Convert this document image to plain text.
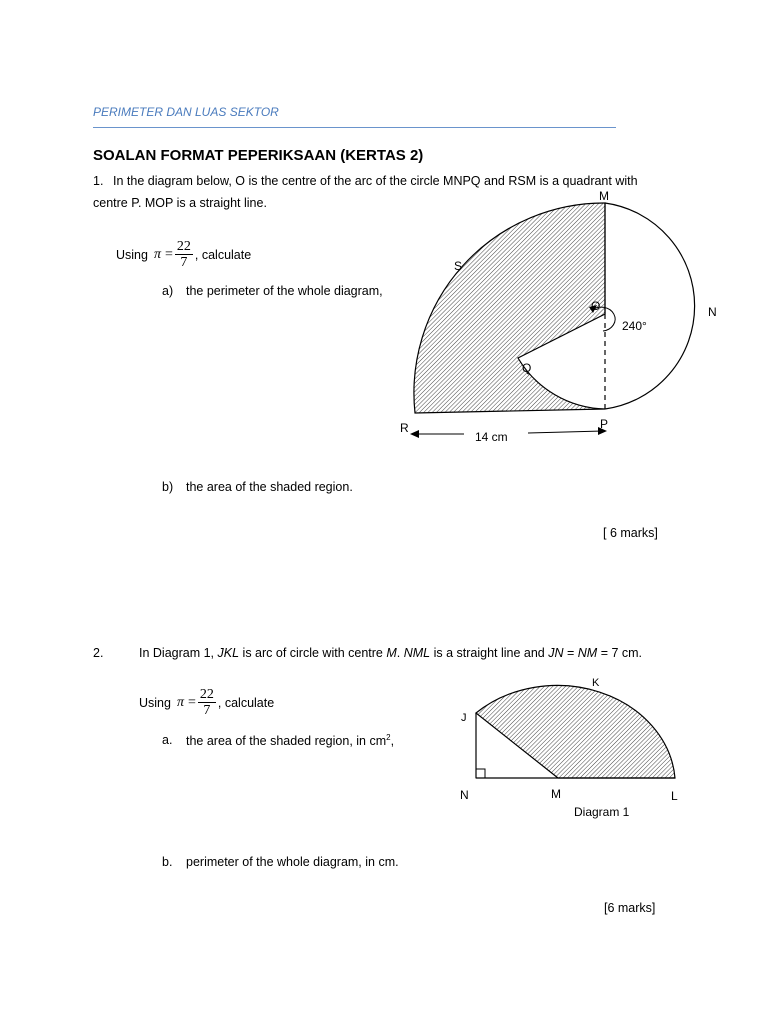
PERIMETER DAN LUAS SEKTOR
SOALAN FORMAT PEPERIKSAAN (KERTAS 2)
1. In the diagram below, O is the centre of the arc of the circle MNPQ and RSM is a quadrant with
centre P. MOP is a straight line.
Using $\pi = \frac{22}{7}$ , calculate
a) the perimeter of the whole diagram,
b) the area of the shaded region.
[ 6 marks]
M
S
N
O
Q
R	P
240°
14 cm
2.	In Diagram 1, JKL is arc of circle with centre M. NML is a straight line and JN = NM = 7 cm.
Using $\pi = \frac{22}{7}$ , calculate
a. the area of the shaded region, in $cm^2$,
b. perimeter of the whole diagram, in cm.
[6 marks]
K
J
N	M	L
Diagram 1
